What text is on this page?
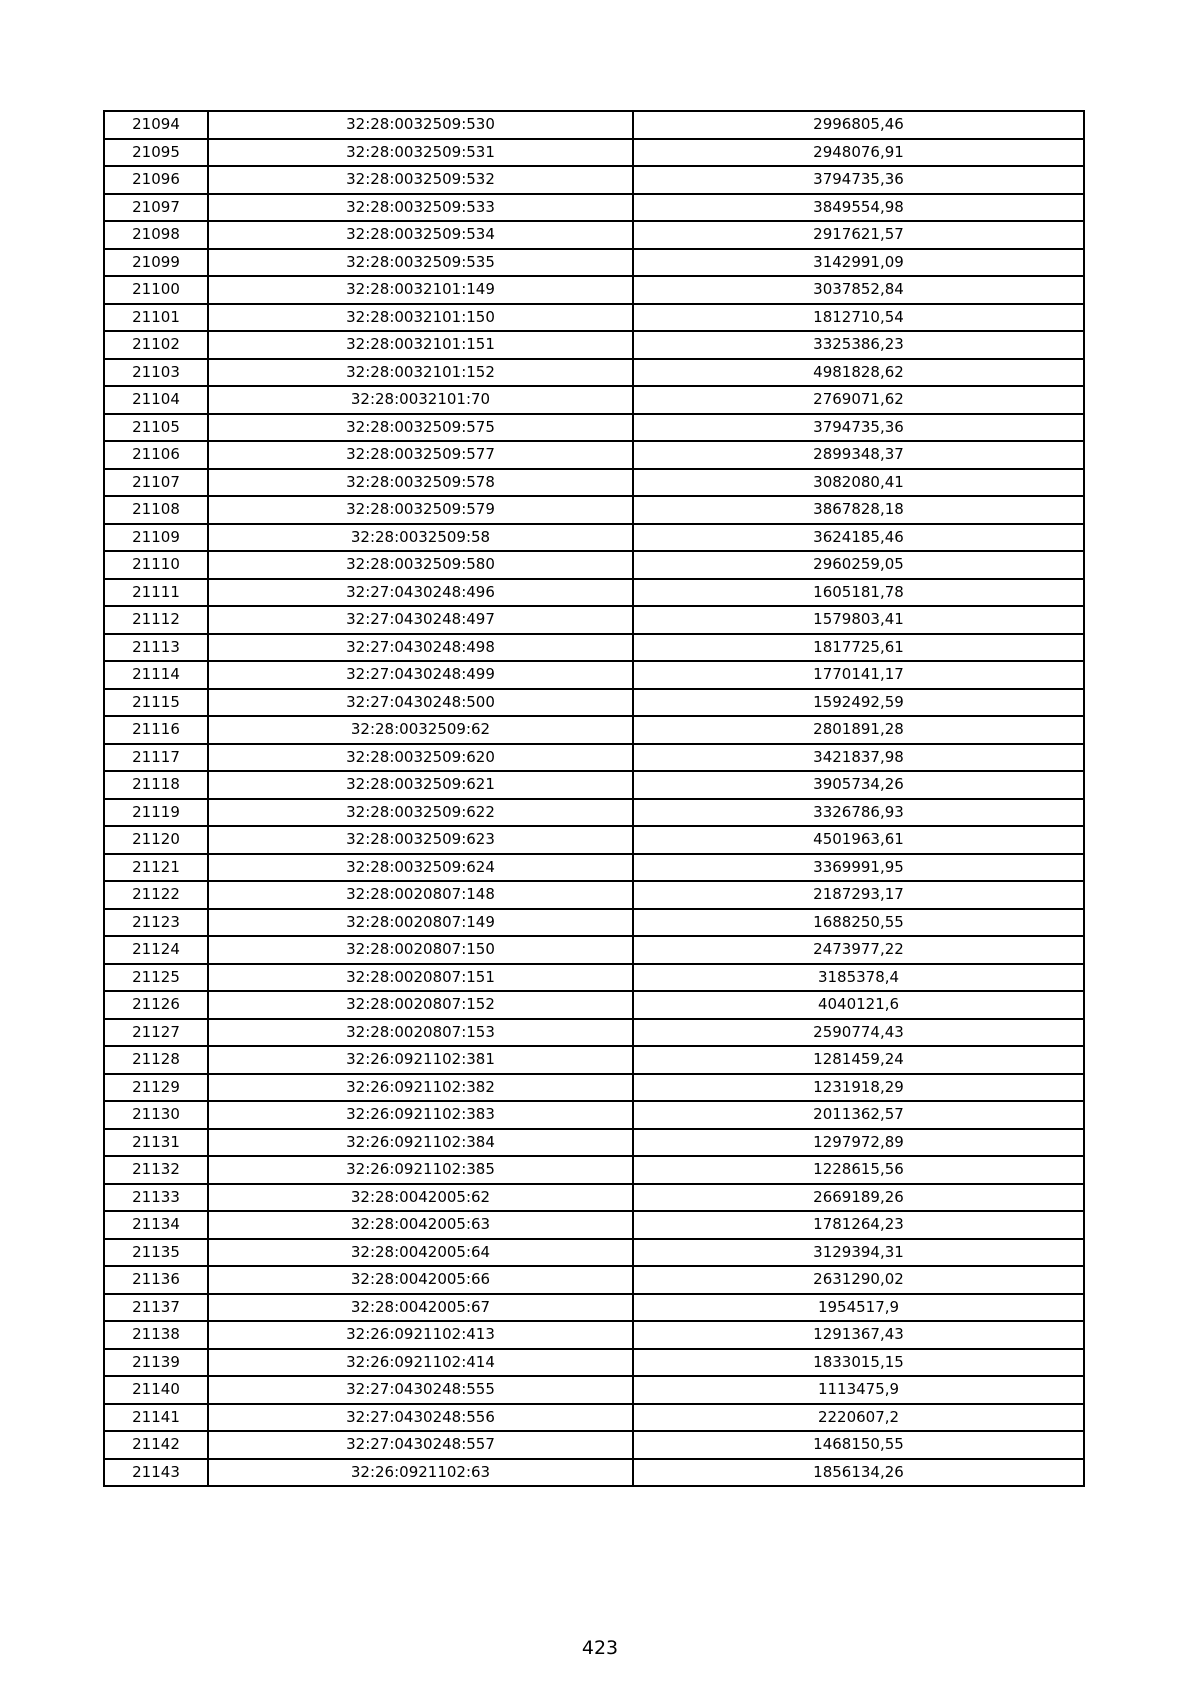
21094	32:28:0032509:530	2996805,46
21095	32:28:0032509:531	2948076,91
21096	32:28:0032509:532	3794735,36
21097	32:28:0032509:533	3849554,98
21098	32:28:0032509:534	2917621,57
21099	32:28:0032509:535	3142991,09
21100	32:28:0032101:149	3037852,84
21101	32:28:0032101:150	1812710,54
21102	32:28:0032101:151	3325386,23
21103	32:28:0032101:152	4981828,62
21104	32:28:0032101:70	2769071,62
21105	32:28:0032509:575	3794735,36
21106	32:28:0032509:577	2899348,37
21107	32:28:0032509:578	3082080,41
21108	32:28:0032509:579	3867828,18
21109	32:28:0032509:58	3624185,46
21110	32:28:0032509:580	2960259,05
21111	32:27:0430248:496	1605181,78
21112	32:27:0430248:497	1579803,41
21113	32:27:0430248:498	1817725,61
21114	32:27:0430248:499	1770141,17
21115	32:27:0430248:500	1592492,59
21116	32:28:0032509:62	2801891,28
21117	32:28:0032509:620	3421837,98
21118	32:28:0032509:621	3905734,26
21119	32:28:0032509:622	3326786,93
21120	32:28:0032509:623	4501963,61
21121	32:28:0032509:624	3369991,95
21122	32:28:0020807:148	2187293,17
21123	32:28:0020807:149	1688250,55
21124	32:28:0020807:150	2473977,22
21125	32:28:0020807:151	3185378,4
21126	32:28:0020807:152	4040121,6
21127	32:28:0020807:153	2590774,43
21128	32:26:0921102:381	1281459,24
21129	32:26:0921102:382	1231918,29
21130	32:26:0921102:383	2011362,57
21131	32:26:0921102:384	1297972,89
21132	32:26:0921102:385	1228615,56
21133	32:28:0042005:62	2669189,26
21134	32:28:0042005:63	1781264,23
21135	32:28:0042005:64	3129394,31
21136	32:28:0042005:66	2631290,02
21137	32:28:0042005:67	1954517,9
21138	32:26:0921102:413	1291367,43
21139	32:26:0921102:414	1833015,15
21140	32:27:0430248:555	1113475,9
21141	32:27:0430248:556	2220607,2
21142	32:27:0430248:557	1468150,55
21143	32:26:0921102:63	1856134,26
423
